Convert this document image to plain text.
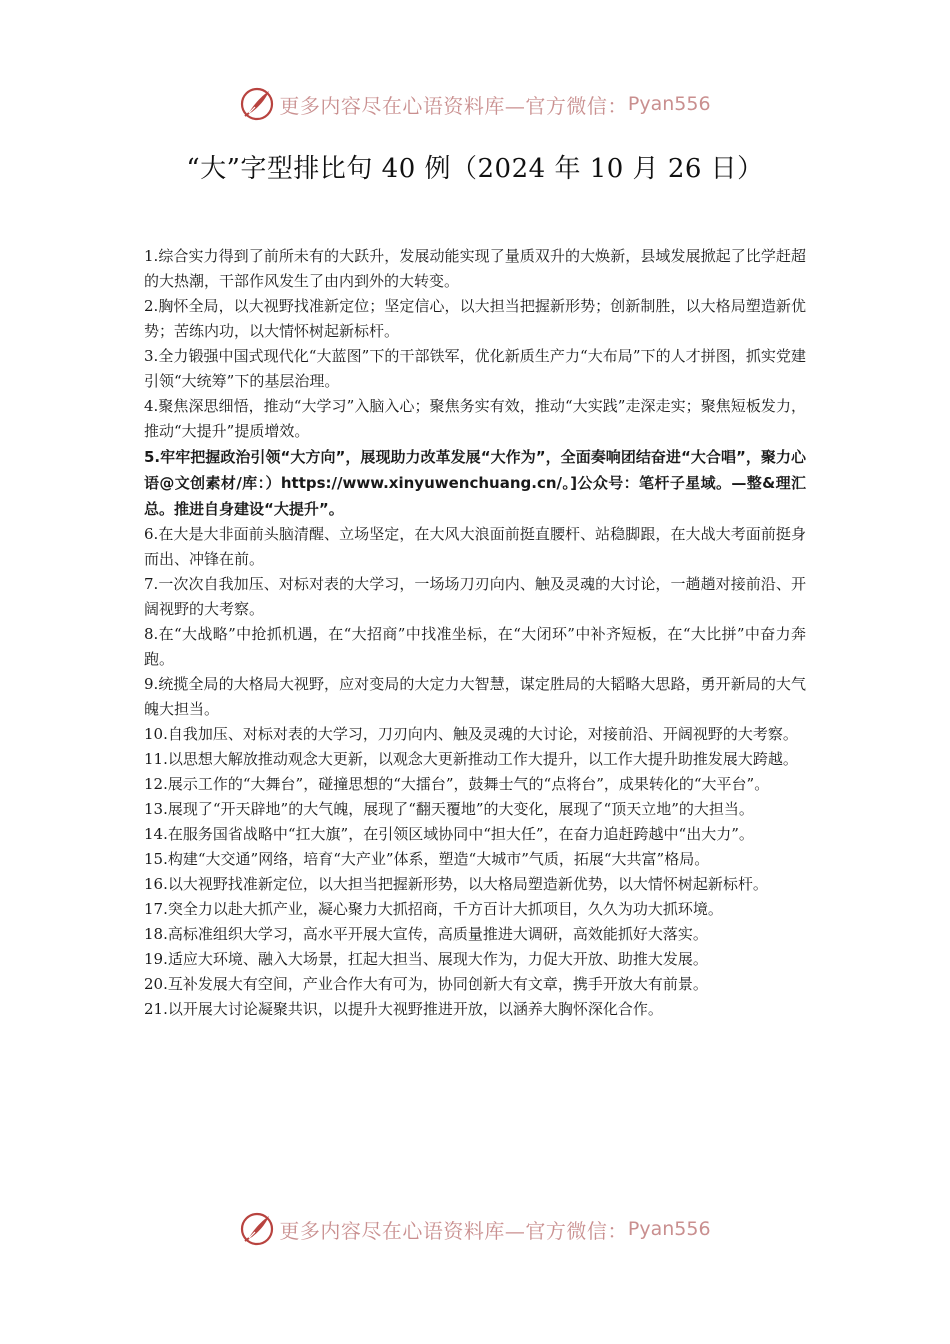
更多内容尽在心语资料库—官方微信： Pyan556
“大”字型排比句 40 例（2024 年 10 月 26 日）

1.综合实力得到了前所未有的大跃升，发展动能实现了量质双升的大焕新，县域发展掀起了比学赶超的大热潮，干部作风发生了由内到外的大转变。

2.胸怀全局，以大视野找准新定位；坚定信心，以大担当把握新形势；创新制胜，以大格局塑造新优势；苦练内功，以大情怀树起新标杆。

3.全力锻强中国式现代化“大蓝图”下的干部铁军，优化新质生产力“大布局”下的人才拼图，抓实党建引领“大统筹”下的基层治理。

4.聚焦深思细悟，推动“大学习”入脑入心；聚焦务实有效，推动“大实践”走深走实；聚焦短板发力，推动“大提升”提质增效。

5.牢牢把握政治引领“大方向”，展现助力改革发展“大作为”，全面奏响团结奋进“大合唱”，聚力心语@文创素材/库：）https://www.xinyuwenchuang.cn/。]公众号：笔杆子星域。—整&理汇总。推进自身建设“大提升”。

6.在大是大非面前头脑清醒、立场坚定，在大风大浪面前挺直腰杆、站稳脚跟，在大战大考面前挺身而出、冲锋在前。

7.一次次自我加压、对标对表的大学习，一场场刀刃向内、触及灵魂的大讨论，一趟趟对接前沿、开阔视野的大考察。

8.在“大战略”中抢抓机遇，在“大招商”中找准坐标，在“大闭环”中补齐短板，在“大比拼”中奋力奔跑。

9.统揽全局的大格局大视野，应对变局的大定力大智慧，谋定胜局的大韬略大思路，勇开新局的大气魄大担当。

10.自我加压、对标对表的大学习，刀刃向内、触及灵魂的大讨论，对接前沿、开阔视野的大考察。

11.以思想大解放推动观念大更新，以观念大更新推动工作大提升，以工作大提升助推发展大跨越。

12.展示工作的“大舞台”，碰撞思想的“大擂台”，鼓舞士气的“点将台”，成果转化的“大平台”。

13.展现了“开天辟地”的大气魄，展现了“翻天覆地”的大变化，展现了“顶天立地”的大担当。

14.在服务国省战略中“扛大旗”，在引领区域协同中“担大任”，在奋力追赶跨越中“出大力”。

15.构建“大交通”网络，培育“大产业”体系，塑造“大城市”气质，拓展“大共富”格局。

16.以大视野找准新定位，以大担当把握新形势，以大格局塑造新优势，以大情怀树起新标杆。

17.突全力以赴大抓产业，凝心聚力大抓招商，千方百计大抓项目，久久为功大抓环境。

18.高标准组织大学习，高水平开展大宣传，高质量推进大调研，高效能抓好大落实。

19.适应大环境、融入大场景，扛起大担当、展现大作为，力促大开放、助推大发展。

20.互补发展大有空间，产业合作大有可为，协同创新大有文章，携手开放大有前景。

21.以开展大讨论凝聚共识，以提升大视野推进开放，以涵养大胸怀深化合作。

更多内容尽在心语资料库—官方微信： Pyan556
